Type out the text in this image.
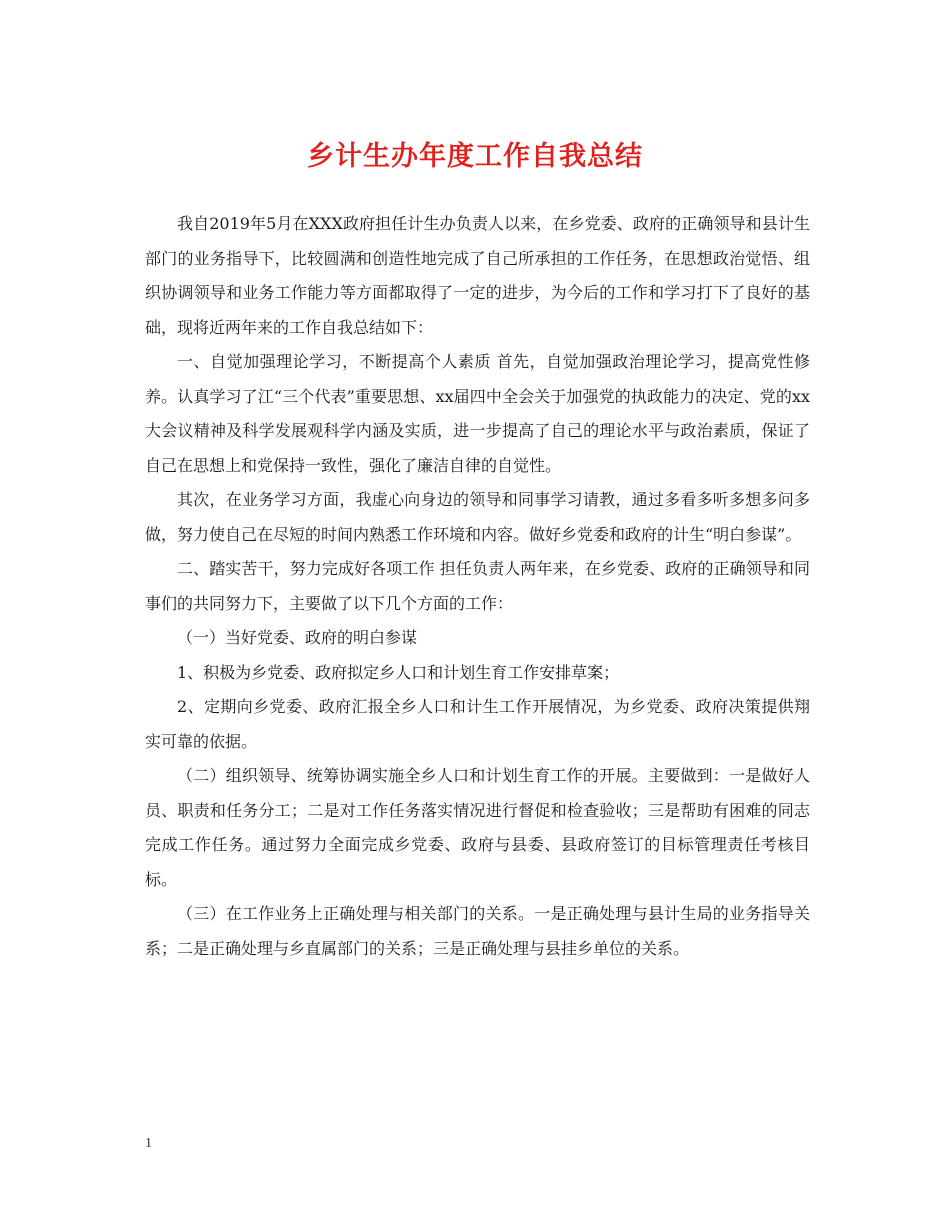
乡计生办年度工作自我总结

我自2019年5月在XXX政府担任计生办负责人以来，在乡党委、政府的正确领导和县计生部门的业务指导下，比较圆满和创造性地完成了自己所承担的工作任务，在思想政治觉悟、组织协调领导和业务工作能力等方面都取得了一定的进步，为今后的工作和学习打下了良好的基础，现将近两年来的工作自我总结如下：

一、自觉加强理论学习，不断提高个人素质 首先，自觉加强政治理论学习，提高党性修养。认真学习了江“三个代表”重要思想、xx届四中全会关于加强党的执政能力的决定、党的xx大会议精神及科学发展观科学内涵及实质，进一步提高了自己的理论水平与政治素质，保证了自己在思想上和党保持一致性，强化了廉洁自律的自觉性。

其次，在业务学习方面，我虚心向身边的领导和同事学习请教，通过多看多听多想多问多做，努力使自己在尽短的时间内熟悉工作环境和内容。做好乡党委和政府的计生“明白参谋”。

二、踏实苦干，努力完成好各项工作 担任负责人两年来，在乡党委、政府的正确领导和同事们的共同努力下，主要做了以下几个方面的工作：

（一）当好党委、政府的明白参谋

1、积极为乡党委、政府拟定乡人口和计划生育工作安排草案；

2、定期向乡党委、政府汇报全乡人口和计生工作开展情况，为乡党委、政府决策提供翔实可靠的依据。

（二）组织领导、统筹协调实施全乡人口和计划生育工作的开展。主要做到：一是做好人员、职责和任务分工；二是对工作任务落实情况进行督促和检查验收；三是帮助有困难的同志完成工作任务。通过努力全面完成乡党委、政府与县委、县政府签订的目标管理责任考核目标。

（三）在工作业务上正确处理与相关部门的关系。一是正确处理与县计生局的业务指导关系；二是正确处理与乡直属部门的关系；三是正确处理与县挂乡单位的关系。

1
